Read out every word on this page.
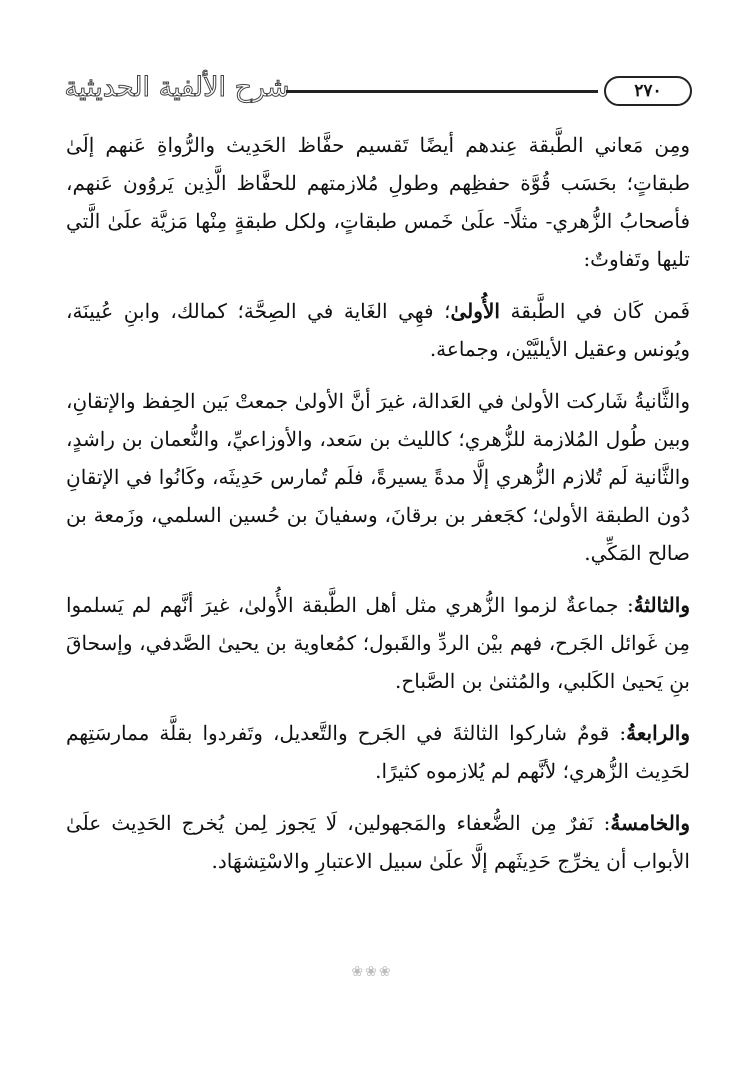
شرح الألفية الحديثية	٢٧٠

ومِن مَعاني الطَّبقة عِندهم أيضًا تَقسيم حفَّاظ الحَدِيث والرُّواةِ عَنهم إلَىٰ طبقاتٍ؛ بحَسَب قُوَّة حفظِهم وطولِ مُلازمتهم للحفَّاظ الَّذِين يَروُون عَنهم، فأصحابُ الزُّهري- مثلًا- علَىٰ خَمس طبقاتٍ، ولكل طبقةٍ مِنْها مَزيَّة علَىٰ الَّتي تليها وتَفاوتٌ:

فَمن كَان في الطَّبقة الأُولىٰ؛ فهِي الغَاية في الصِحَّة؛ كمالك، وابنِ عُيينَة، ويُونس وعقيل الأيليَّيْن، وجماعة.

والثَّانيةُ شَاركت الأولىٰ في العَدالة، غيرَ أنَّ الأولىٰ جمعتْ بَين الحِفظ والإتقانِ، وبين طُول المُلازمة للزُّهري؛ كالليث بن سَعد، والأوزاعيِّ، والنُّعمان بن راشدٍ، والثَّانية لَم تُلازم الزُّهري إلَّا مدةً يسيرةً، فلَم تُمارس حَدِيثَه، وكَانُوا في الإتقانِ دُون الطبقة الأولىٰ؛ كجَعفر بن برقانَ، وسفيانَ بن حُسين السلمي، وزَمعة بن صالح المَكِّي.

والثالثةُ: جماعةٌ لزموا الزُّهري مثل أهل الطَّبقة الأُولىٰ، غيرَ أنَّهم لم يَسلموا مِن غَوائل الجَرح، فهم بيْن الردِّ والقَبول؛ كمُعاوية بن يحيىٰ الصَّدفي، وإسحاقَ بنِ يَحيىٰ الكَلبي، والمُثنىٰ بن الصَّباح.

والرابعةُ: قومٌ شاركوا الثالثةَ في الجَرح والتَّعديل، وتَفردوا بقلَّة ممارسَتِهم لحَدِيث الزُّهري؛ لأنَّهم لم يُلازموه كثيرًا.

والخامسةُ: نَفرٌ مِن الضُّعفاء والمَجهولين، لَا يَجوز لِمن يُخرج الحَدِيث علَىٰ الأبواب أن يخرِّج حَدِيثَهم إلَّا علَىٰ سبيل الاعتبارِ والاسْتِشهَاد.

❀❀❀
